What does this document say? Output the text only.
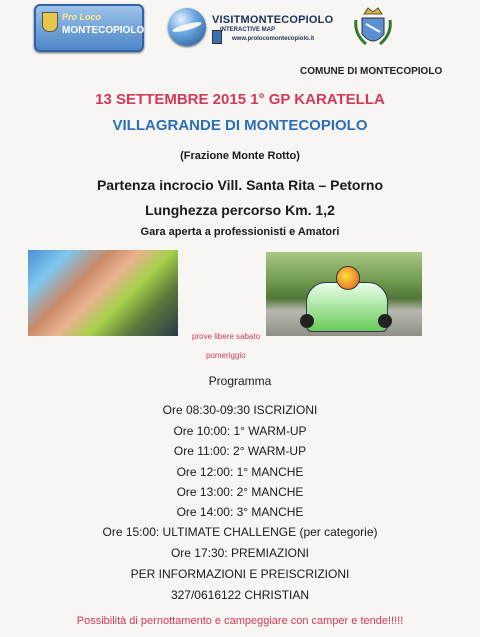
Pro Loco
MONTECOPIOLO
VISITMONTECOPIOLO
INTERACTIVE MAP
www.prolocomontecopiolo.it
COMUNE DI MONTECOPIOLO
13 SETTEMBRE 2015 1° GP KARATELLA
VILLAGRANDE DI MONTECOPIOLO
(Frazione Monte Rotto)
Partenza incrocio Vill. Santa Rita – Petorno
Lunghezza percorso Km. 1,2
Gara aperta a professionisti e Amatori
prove libere sabato
pomeriggio
Programma
Ore 08:30-09:30 ISCRIZIONI
Ore 10:00: 1° WARM-UP
Ore 11:00: 2° WARM-UP
Ore 12:00: 1° MANCHE
Ore 13:00: 2° MANCHE
Ore 14:00: 3° MANCHE
Ore 15:00: ULTIMATE CHALLENGE (per categorie)
Ore 17:30: PREMIAZIONI
PER INFORMAZIONI E PREISCRIZIONI
327/0616122 CHRISTIAN
Possibilità di pernottamento e campeggiare con camper e tende!!!!!
